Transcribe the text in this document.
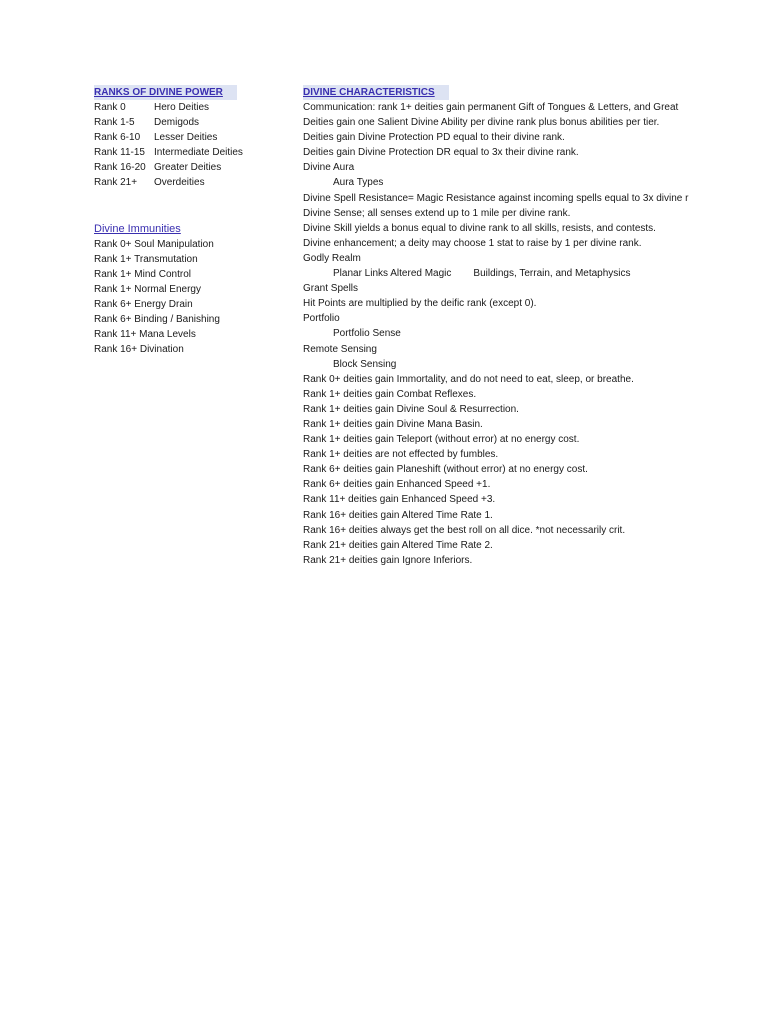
RANKS OF DIVINE POWER
Rank 0	Hero Deities
Rank 1-5 Demigods
Rank 6-10 Lesser Deities
Rank 11-15 Intermediate Deities
Rank 16-20 Greater Deities
Rank 21+ Overdeities
Divine Immunities
Rank 0+ Soul Manipulation
Rank 1+ Transmutation
Rank 1+ Mind Control
Rank 1+ Normal Energy
Rank 6+ Energy Drain
Rank 6+ Binding / Banishing
Rank 11+ Mana Levels
Rank 16+ Divination
DIVINE CHARACTERISTICS
Communication: rank 1+ deities gain permanent Gift of Tongues & Letters, and Great
Deities gain one Salient Divine Ability per divine rank plus bonus abilities per tier.
Deities gain Divine Protection PD equal to their divine rank.
Deities gain Divine Protection DR equal to 3x their divine rank.
Divine Aura
Aura Types
Divine Spell Resistance= Magic Resistance against incoming spells equal to 3x divine r
Divine Sense; all senses extend up to 1 mile per divine rank.
Divine Skill yields a bonus equal to divine rank to all skills, resists, and contests.
Divine enhancement; a deity may choose 1 stat to raise by 1 per divine rank.
Godly Realm
Planar Links Altered Magic Buildings, Terrain, and Metaphysics
Grant Spells
Hit Points are multiplied by the deific rank (except 0).
Portfolio
Portfolio Sense
Remote Sensing
Block Sensing
Rank 0+ deities gain Immortality, and do not need to eat, sleep, or breathe.
Rank 1+ deities gain Combat Reflexes.
Rank 1+ deities gain Divine Soul & Resurrection.
Rank 1+ deities gain Divine Mana Basin.
Rank 1+ deities gain Teleport (without error) at no energy cost.
Rank 1+ deities are not effected by fumbles.
Rank 6+ deities gain Planeshift (without error) at no energy cost.
Rank 6+ deities gain Enhanced Speed +1.
Rank 11+ deities gain Enhanced Speed +3.
Rank 16+ deities gain Altered Time Rate 1.
Rank 16+ deities always get the best roll on all dice. *not necessarily crit.
Rank 21+ deities gain Altered Time Rate 2.
Rank 21+ deities gain Ignore Inferiors.
